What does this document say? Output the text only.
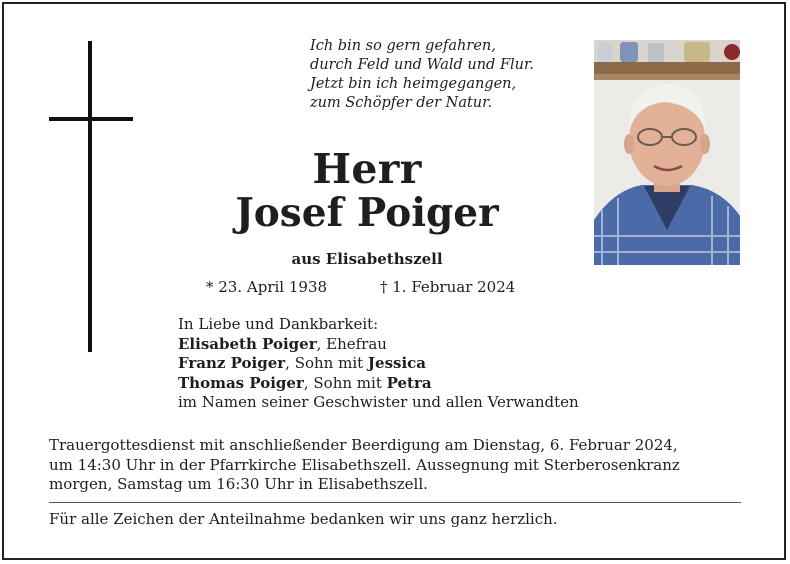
Ich bin so gern gefahren,
durch Feld und Wald und Flur.
Jetzt bin ich heimgegangen,
zum Schöpfer der Natur.
Herr
Josef Poiger
aus Elisabethszell
* 23. April 1938	† 1. Februar 2024
In Liebe und Dankbarkeit:
Elisabeth Poiger, Ehefrau
Franz Poiger, Sohn mit Jessica
Thomas Poiger, Sohn mit Petra
im Namen seiner Geschwister und allen Verwandten
Trauergottesdienst mit anschließender Beerdigung am Dienstag, 6. Februar 2024,
um 14:30 Uhr in der Pfarrkirche Elisabethszell. Aussegnung mit Sterberosenkranz
morgen, Samstag um 16:30 Uhr in Elisabethszell.
Für alle Zeichen der Anteilnahme bedanken wir uns ganz herzlich.
